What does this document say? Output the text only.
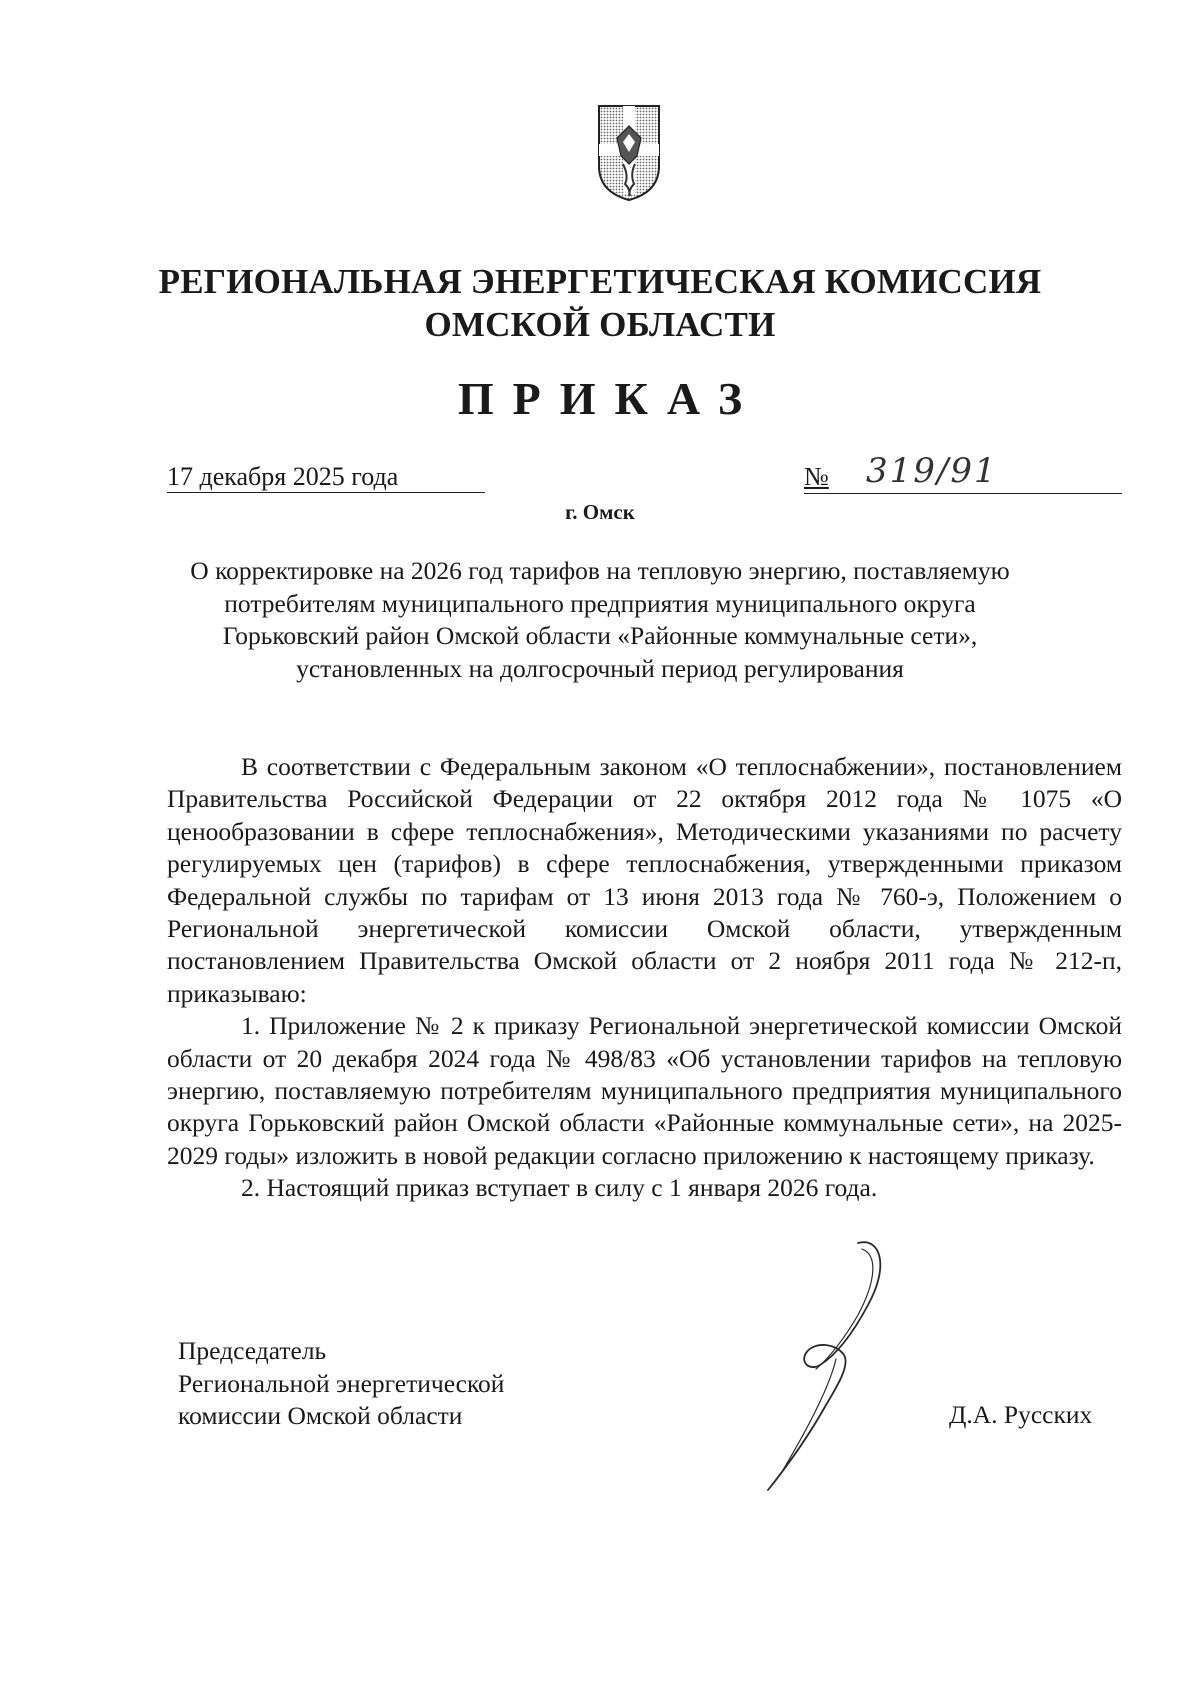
РЕГИОНАЛЬНАЯ ЭНЕРГЕТИЧЕСКАЯ КОМИССИЯ
ОМСКОЙ ОБЛАСТИ
ПРИКАЗ
17 декабря 2025 года	№ 319/91
г. Омск
О корректировке на 2026 год тарифов на тепловую энергию, поставляемую потребителям муниципального предприятия муниципального округа Горьковский район Омской области «Районные коммунальные сети», установленных на долгосрочный период регулирования

В соответствии с Федеральным законом «О теплоснабжении», постановлением Правительства Российской Федерации от 22 октября 2012 года № 1075 «О ценообразовании в сфере теплоснабжения», Методическими указаниями по расчету регулируемых цен (тарифов) в сфере теплоснабжения, утвержденными приказом Федеральной службы по тарифам от 13 июня 2013 года № 760-э, Положением о Региональной энергетической комиссии Омской области, утвержденным постановлением Правительства Омской области от 2 ноября 2011 года № 212-п, приказываю:

1. Приложение № 2 к приказу Региональной энергетической комиссии Омской области от 20 декабря 2024 года № 498/83 «Об установлении тарифов на тепловую энергию, поставляемую потребителям муниципального предприятия муниципального округа Горьковский район Омской области «Районные коммунальные сети», на 2025-2029 годы» изложить в новой редакции согласно приложению к настоящему приказу.

2. Настоящий приказ вступает в силу с 1 января 2026 года.

Председатель
Региональной энергетической
комиссии Омской области	Д.А. Русских
